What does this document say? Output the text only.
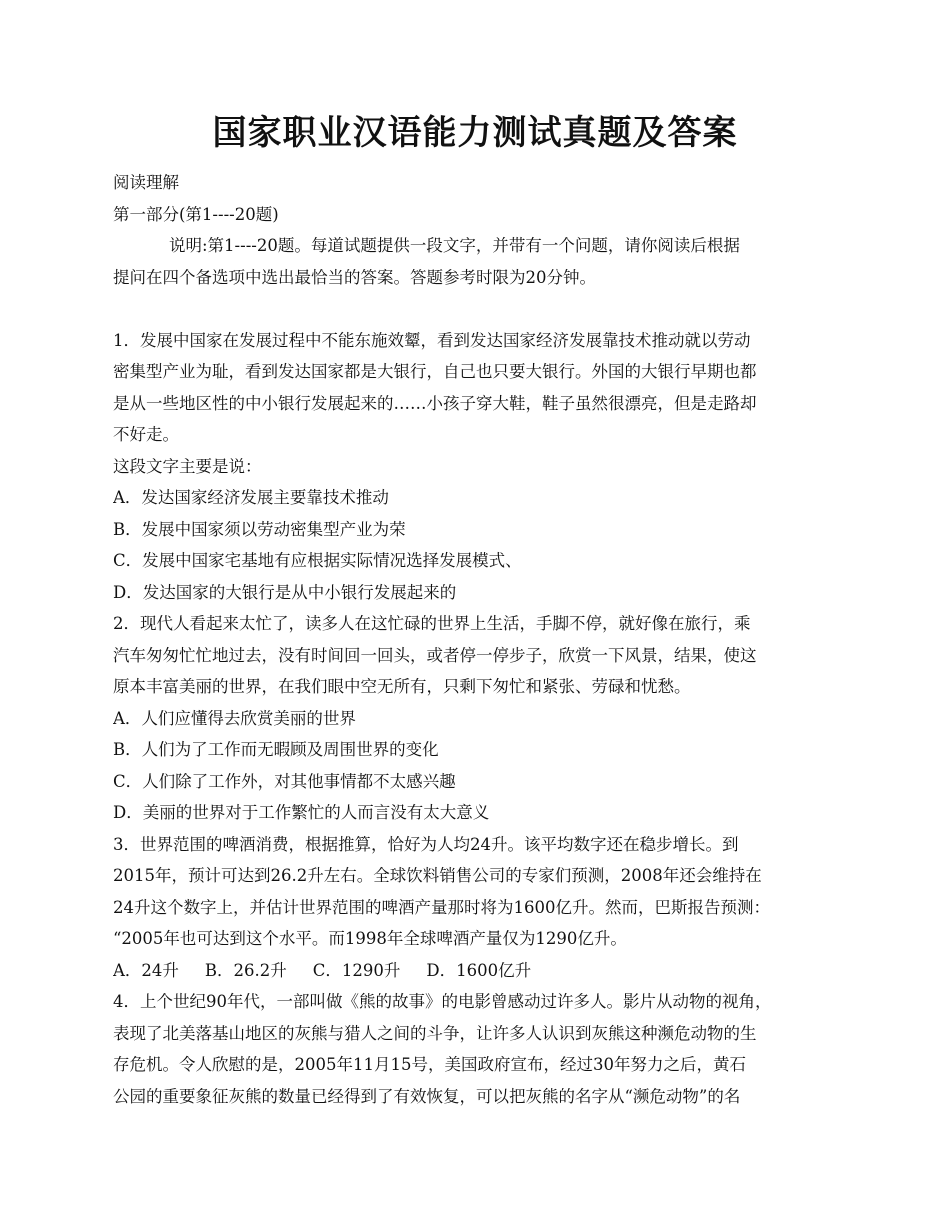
国家职业汉语能力测试真题及答案
阅读理解
第一部分(第1----20题)
说明:第1----20题。每道试题提供一段文字，并带有一个问题，请你阅读后根据
提问在四个备选项中选出最恰当的答案。答题参考时限为20分钟。
1．发展中国家在发展过程中不能东施效颦，看到发达国家经济发展靠技术推动就以劳动
密集型产业为耻，看到发达国家都是大银行，自己也只要大银行。外国的大银行早期也都
是从一些地区性的中小银行发展起来的……小孩子穿大鞋，鞋子虽然很漂亮，但是走路却
不好走。
这段文字主要是说：
A．发达国家经济发展主要靠技术推动
B．发展中国家须以劳动密集型产业为荣
C．发展中国家宅基地有应根据实际情况选择发展模式、
D．发达国家的大银行是从中小银行发展起来的
2．现代人看起来太忙了，读多人在这忙碌的世界上生活，手脚不停，就好像在旅行，乘
汽车匆匆忙忙地过去，没有时间回一回头，或者停一停步子，欣赏一下风景，结果，使这
原本丰富美丽的世界，在我们眼中空无所有，只剩下匆忙和紧张、劳碌和忧愁。
A．人们应懂得去欣赏美丽的世界
B．人们为了工作而无暇顾及周围世界的变化
C．人们除了工作外，对其他事情都不太感兴趣
D．美丽的世界对于工作繁忙的人而言没有太大意义
3．世界范围的啤酒消费，根据推算，恰好为人均24升。该平均数字还在稳步增长。到
2015年，预计可达到26.2升左右。全球饮料销售公司的专家们预测，2008年还会维持在
24升这个数字上，并估计世界范围的啤酒产量那时将为1600亿升。然而，巴斯报告预测：
“2005年也可达到这个水平。而1998年全球啤酒产量仅为1290亿升。
A．24升 B．26.2升 C．1290升 D．1600亿升
4．上个世纪90年代，一部叫做《熊的故事》的电影曾感动过许多人。影片从动物的视角，
表现了北美落基山地区的灰熊与猎人之间的斗争，让许多人认识到灰熊这种濒危动物的生
存危机。令人欣慰的是，2005年11月15号，美国政府宣布，经过30年努力之后，黄石
公园的重要象征灰熊的数量已经得到了有效恢复，可以把灰熊的名字从“濒危动物”的名
